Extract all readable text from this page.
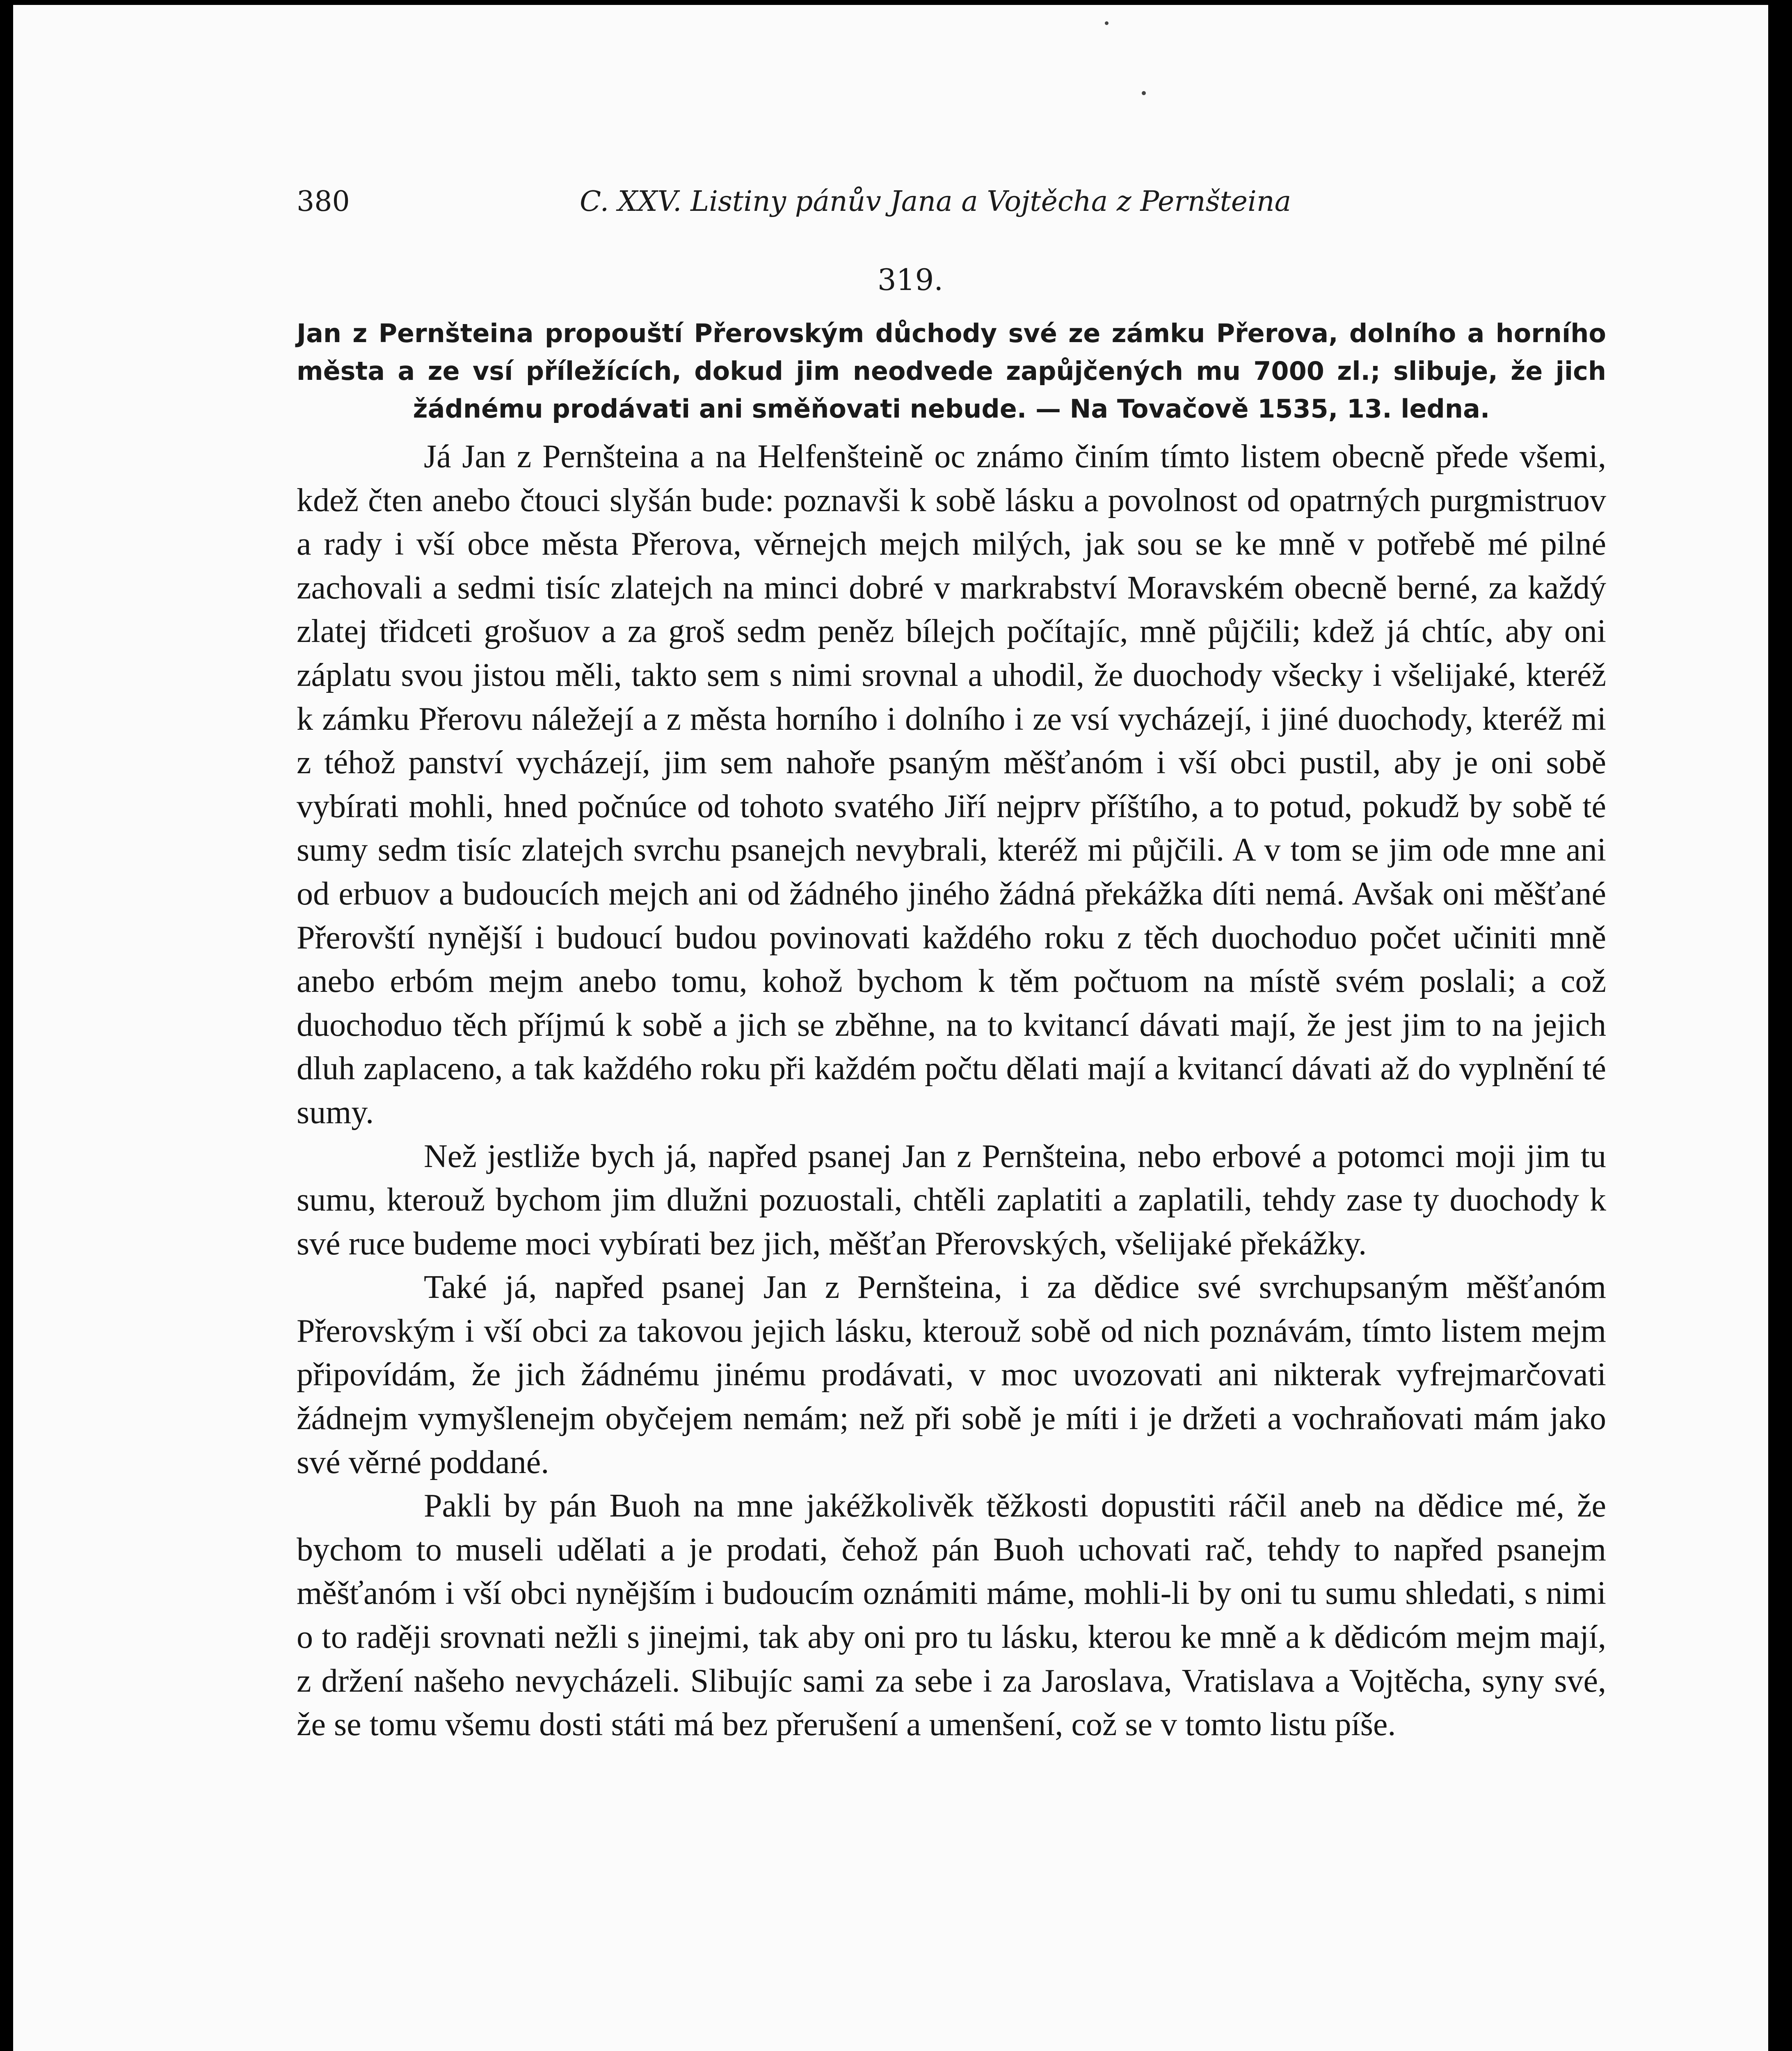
380	C. XXV. Listiny pánův Jana a Vojtěcha z Pernšteina
319.
Jan z Pernšteina propouští Přerovským důchody své ze zámku Přerova, dolního a horního města a ze vsí příležících, dokud jim neodvede zapůjčených mu 7000 zl.; slibuje, že jich žádnému prodávati ani směňovati nebude. — Na Tovačově 1535, 13. ledna.

Já Jan z Pernšteina a na Helfenšteině oc známo činím tímto listem obecně přede všemi, kdež čten anebo čtouci slyšán bude: poznavši k sobě lásku a povolnost od opatrných purgmistruov a rady i vší obce města Přerova, věrnejch mejch milých, jak sou se ke mně v potřebě mé pilné zachovali a sedmi tisíc zlatejch na minci dobré v markrabství Moravském obecně berné, za každý zlatej třidceti grošuov a za groš sedm peněz bílejch počítajíc, mně půjčili; kdež já chtíc, aby oni záplatu svou jistou měli, takto sem s nimi srovnal a uhodil, že duochody všecky i všelijaké, kteréž k zámku Přerovu náležejí a z města horního i dolního i ze vsí vycházejí, i jiné duochody, kteréž mi z téhož panství vycházejí, jim sem nahoře psaným měšťanóm i vší obci pustil, aby je oni sobě vybírati mohli, hned počnúce od tohoto svatého Jiří nejprv příštího, a to potud, pokudž by sobě té sumy sedm tisíc zlatejch svrchu psanejch nevybrali, kteréž mi půjčili. A v tom se jim ode mne ani od erbuov a budoucích mejch ani od žádného jiného žádná překážka díti nemá. Avšak oni měšťané Přerovští nynější i budoucí budou povinovati každého roku z těch duochoduo počet učiniti mně anebo erbóm mejm anebo tomu, kohož bychom k těm počtuom na místě svém poslali; a což duochoduo těch příjmú k sobě a jich se zběhne, na to kvitancí dávati mají, že jest jim to na jejich dluh zaplaceno, a tak každého roku při každém počtu dělati mají a kvitancí dávati až do vyplnění té sumy.

Než jestliže bych já, napřed psanej Jan z Pernšteina, nebo erbové a potomci moji jim tu sumu, kterouž bychom jim dlužni pozuostali, chtěli zaplatiti a zaplatili, tehdy zase ty duochody k své ruce budeme moci vybírati bez jich, měšťan Přerovských, všelijaké překážky.

Také já, napřed psanej Jan z Pernšteina, i za dědice své svrchupsaným měšťanóm Přerovským i vší obci za takovou jejich lásku, kterouž sobě od nich poznávám, tímto listem mejm připovídám, že jich žádnému jinému prodávati, v moc uvozovati ani nikterak vyfrejmarčovati žádnejm vymyšlenejm obyčejem nemám; než při sobě je míti i je držeti a vochraňovati mám jako své věrné poddané.

Pakli by pán Buoh na mne jakéžkolivěk těžkosti dopustiti ráčil aneb na dědice mé, že bychom to museli udělati a je prodati, čehož pán Buoh uchovati rač, tehdy to napřed psanejm měšťanóm i vší obci nynějším i budoucím oznámiti máme, mohli-li by oni tu sumu shledati, s nimi o to raději srovnati nežli s jinejmi, tak aby oni pro tu lásku, kterou ke mně a k dědicóm mejm mají, z držení našeho nevycházeli. Slibujíc sami za sebe i za Jaroslava, Vratislava a Vojtěcha, syny své, že se tomu všemu dosti státi má bez přerušení a umenšení, což se v tomto listu píše.
